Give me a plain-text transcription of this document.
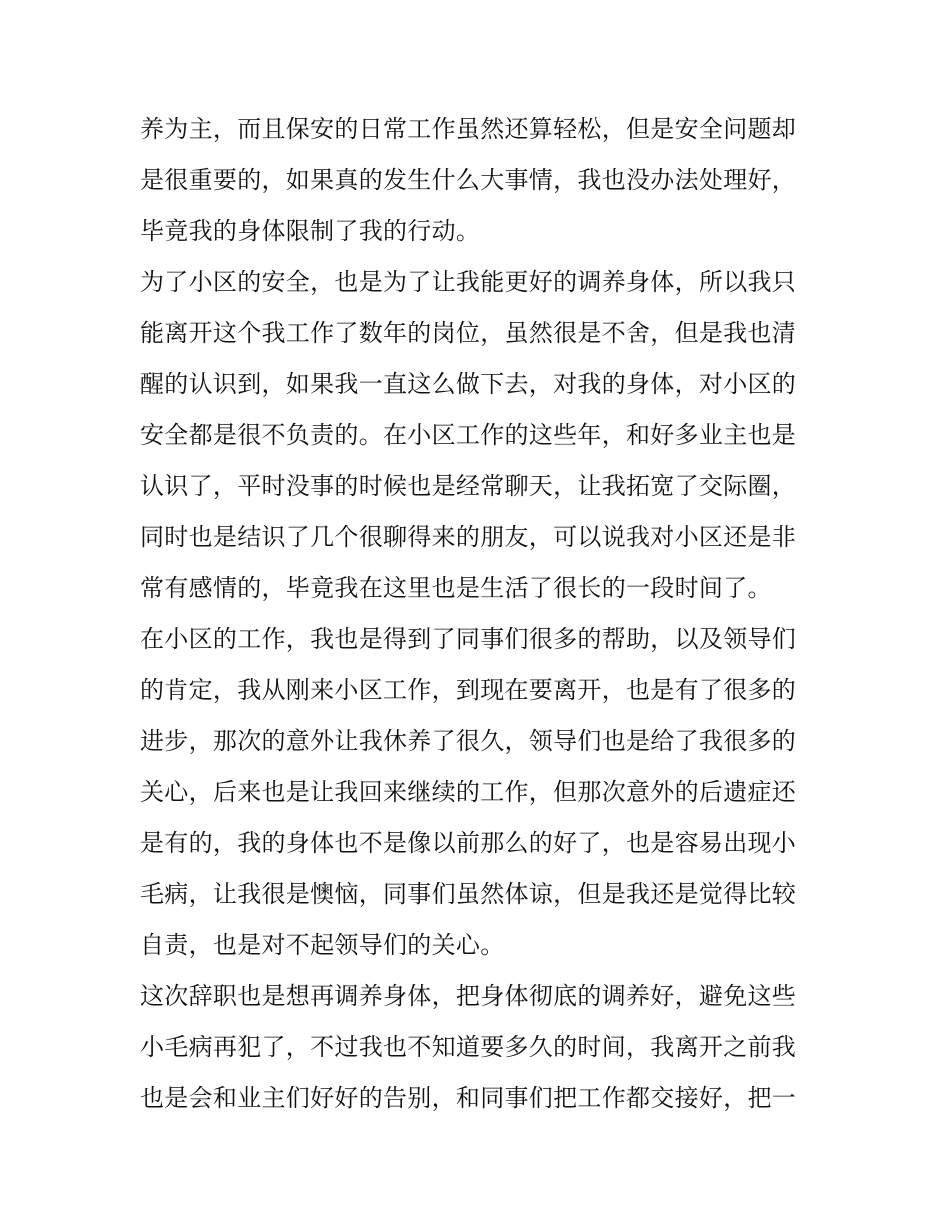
养为主，而且保安的日常工作虽然还算轻松，但是安全问题却
是很重要的，如果真的发生什么大事情，我也没办法处理好，
毕竟我的身体限制了我的行动。
为了小区的安全，也是为了让我能更好的调养身体，所以我只
能离开这个我工作了数年的岗位，虽然很是不舍，但是我也清
醒的认识到，如果我一直这么做下去，对我的身体，对小区的
安全都是很不负责的。在小区工作的这些年，和好多业主也是
认识了，平时没事的时候也是经常聊天，让我拓宽了交际圈，
同时也是结识了几个很聊得来的朋友，可以说我对小区还是非
常有感情的，毕竟我在这里也是生活了很长的一段时间了。
在小区的工作，我也是得到了同事们很多的帮助，以及领导们
的肯定，我从刚来小区工作，到现在要离开，也是有了很多的
进步，那次的意外让我休养了很久，领导们也是给了我很多的
关心，后来也是让我回来继续的工作，但那次意外的后遗症还
是有的，我的身体也不是像以前那么的好了，也是容易出现小
毛病，让我很是懊恼，同事们虽然体谅，但是我还是觉得比较
自责，也是对不起领导们的关心。
这次辞职也是想再调养身体，把身体彻底的调养好，避免这些
小毛病再犯了，不过我也不知道要多久的时间，我离开之前我
也是会和业主们好好的告别，和同事们把工作都交接好，把一
